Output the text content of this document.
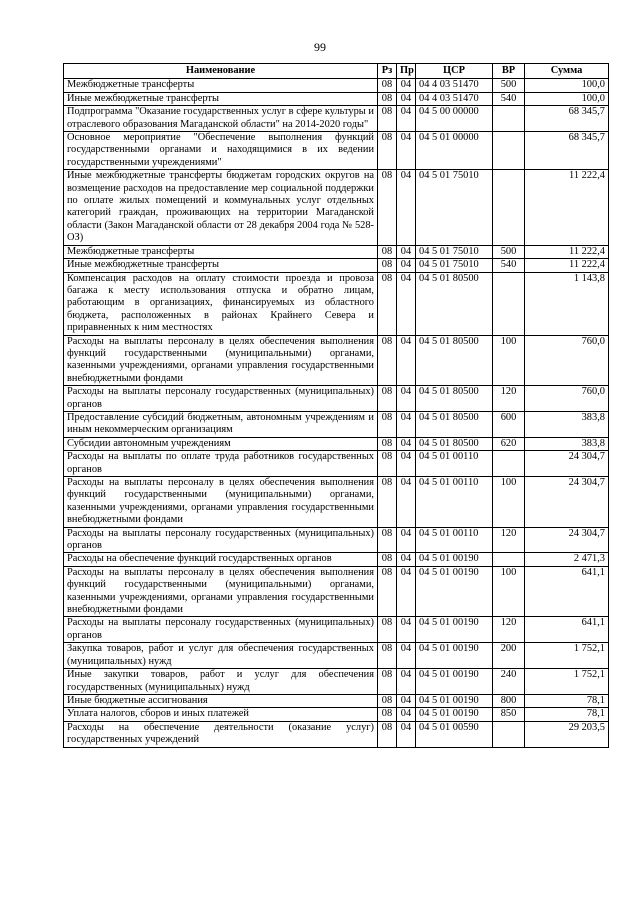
99
Наименование	Рз	Пр	ЦСР	ВР	Сумма
Межбюджетные трансферты	08	04	04 4 03 51470	500	100,0
Иные межбюджетные трансферты	08	04	04 4 03 51470	540	100,0
Подпрограмма "Оказание государственных услуг в сфере культуры и отраслевого образования Магаданской области" на 2014-2020 годы"	08	04	04 5 00 00000		68 345,7
Основное мероприятие "Обеспечение выполнения функций государственными органами и находящимися в их ведении государственными учреждениями"	08	04	04 5 01 00000		68 345,7
Иные межбюджетные трансферты бюджетам городских округов на возмещение расходов на предоставление мер социальной поддержки по оплате жилых помещений и коммунальных услуг отдельных категорий граждан, проживающих на территории Магаданской области (Закон Магаданской области от 28 декабря 2004 года № 528-ОЗ)	08	04	04 5 01 75010		11 222,4
Межбюджетные трансферты	08	04	04 5 01 75010	500	11 222,4
Иные межбюджетные трансферты	08	04	04 5 01 75010	540	11 222,4
Компенсация расходов на оплату стоимости проезда и провоза багажа к месту использования отпуска и обратно лицам, работающим в организациях, финансируемых из областного бюджета, расположенных в районах Крайнего Севера и приравненных к ним местностях	08	04	04 5 01 80500		1 143,8
Расходы на выплаты персоналу в целях обеспечения выполнения функций государственными (муниципальными) органами, казенными учреждениями, органами управления государственными внебюджетными фондами	08	04	04 5 01 80500	100	760,0
Расходы на выплаты персоналу государственных (муниципальных) органов	08	04	04 5 01 80500	120	760,0
Предоставление субсидий бюджетным, автономным учреждениям и иным некоммерческим организациям	08	04	04 5 01 80500	600	383,8
Субсидии автономным учреждениям	08	04	04 5 01 80500	620	383,8
Расходы на выплаты по оплате труда работников государственных органов	08	04	04 5 01 00110		24 304,7
Расходы на выплаты персоналу в целях обеспечения выполнения функций государственными (муниципальными) органами, казенными учреждениями, органами управления государственными внебюджетными фондами	08	04	04 5 01 00110	100	24 304,7
Расходы на выплаты персоналу государственных (муниципальных) органов	08	04	04 5 01 00110	120	24 304,7
Расходы на обеспечение функций государственных органов	08	04	04 5 01 00190		2 471,3
Расходы на выплаты персоналу в целях обеспечения выполнения функций государственными (муниципальными) органами, казенными учреждениями, органами управления государственными внебюджетными фондами	08	04	04 5 01 00190	100	641,1
Расходы на выплаты персоналу государственных (муниципальных) органов	08	04	04 5 01 00190	120	641,1
Закупка товаров, работ и услуг для обеспечения государственных (муниципальных) нужд	08	04	04 5 01 00190	200	1 752,1
Иные закупки товаров, работ и услуг для обеспечения государственных (муниципальных) нужд	08	04	04 5 01 00190	240	1 752,1
Иные бюджетные ассигнования	08	04	04 5 01 00190	800	78,1
Уплата налогов, сборов и иных платежей	08	04	04 5 01 00190	850	78,1
Расходы на обеспечение деятельности (оказание услуг) государственных учреждений	08	04	04 5 01 00590		29 203,5
